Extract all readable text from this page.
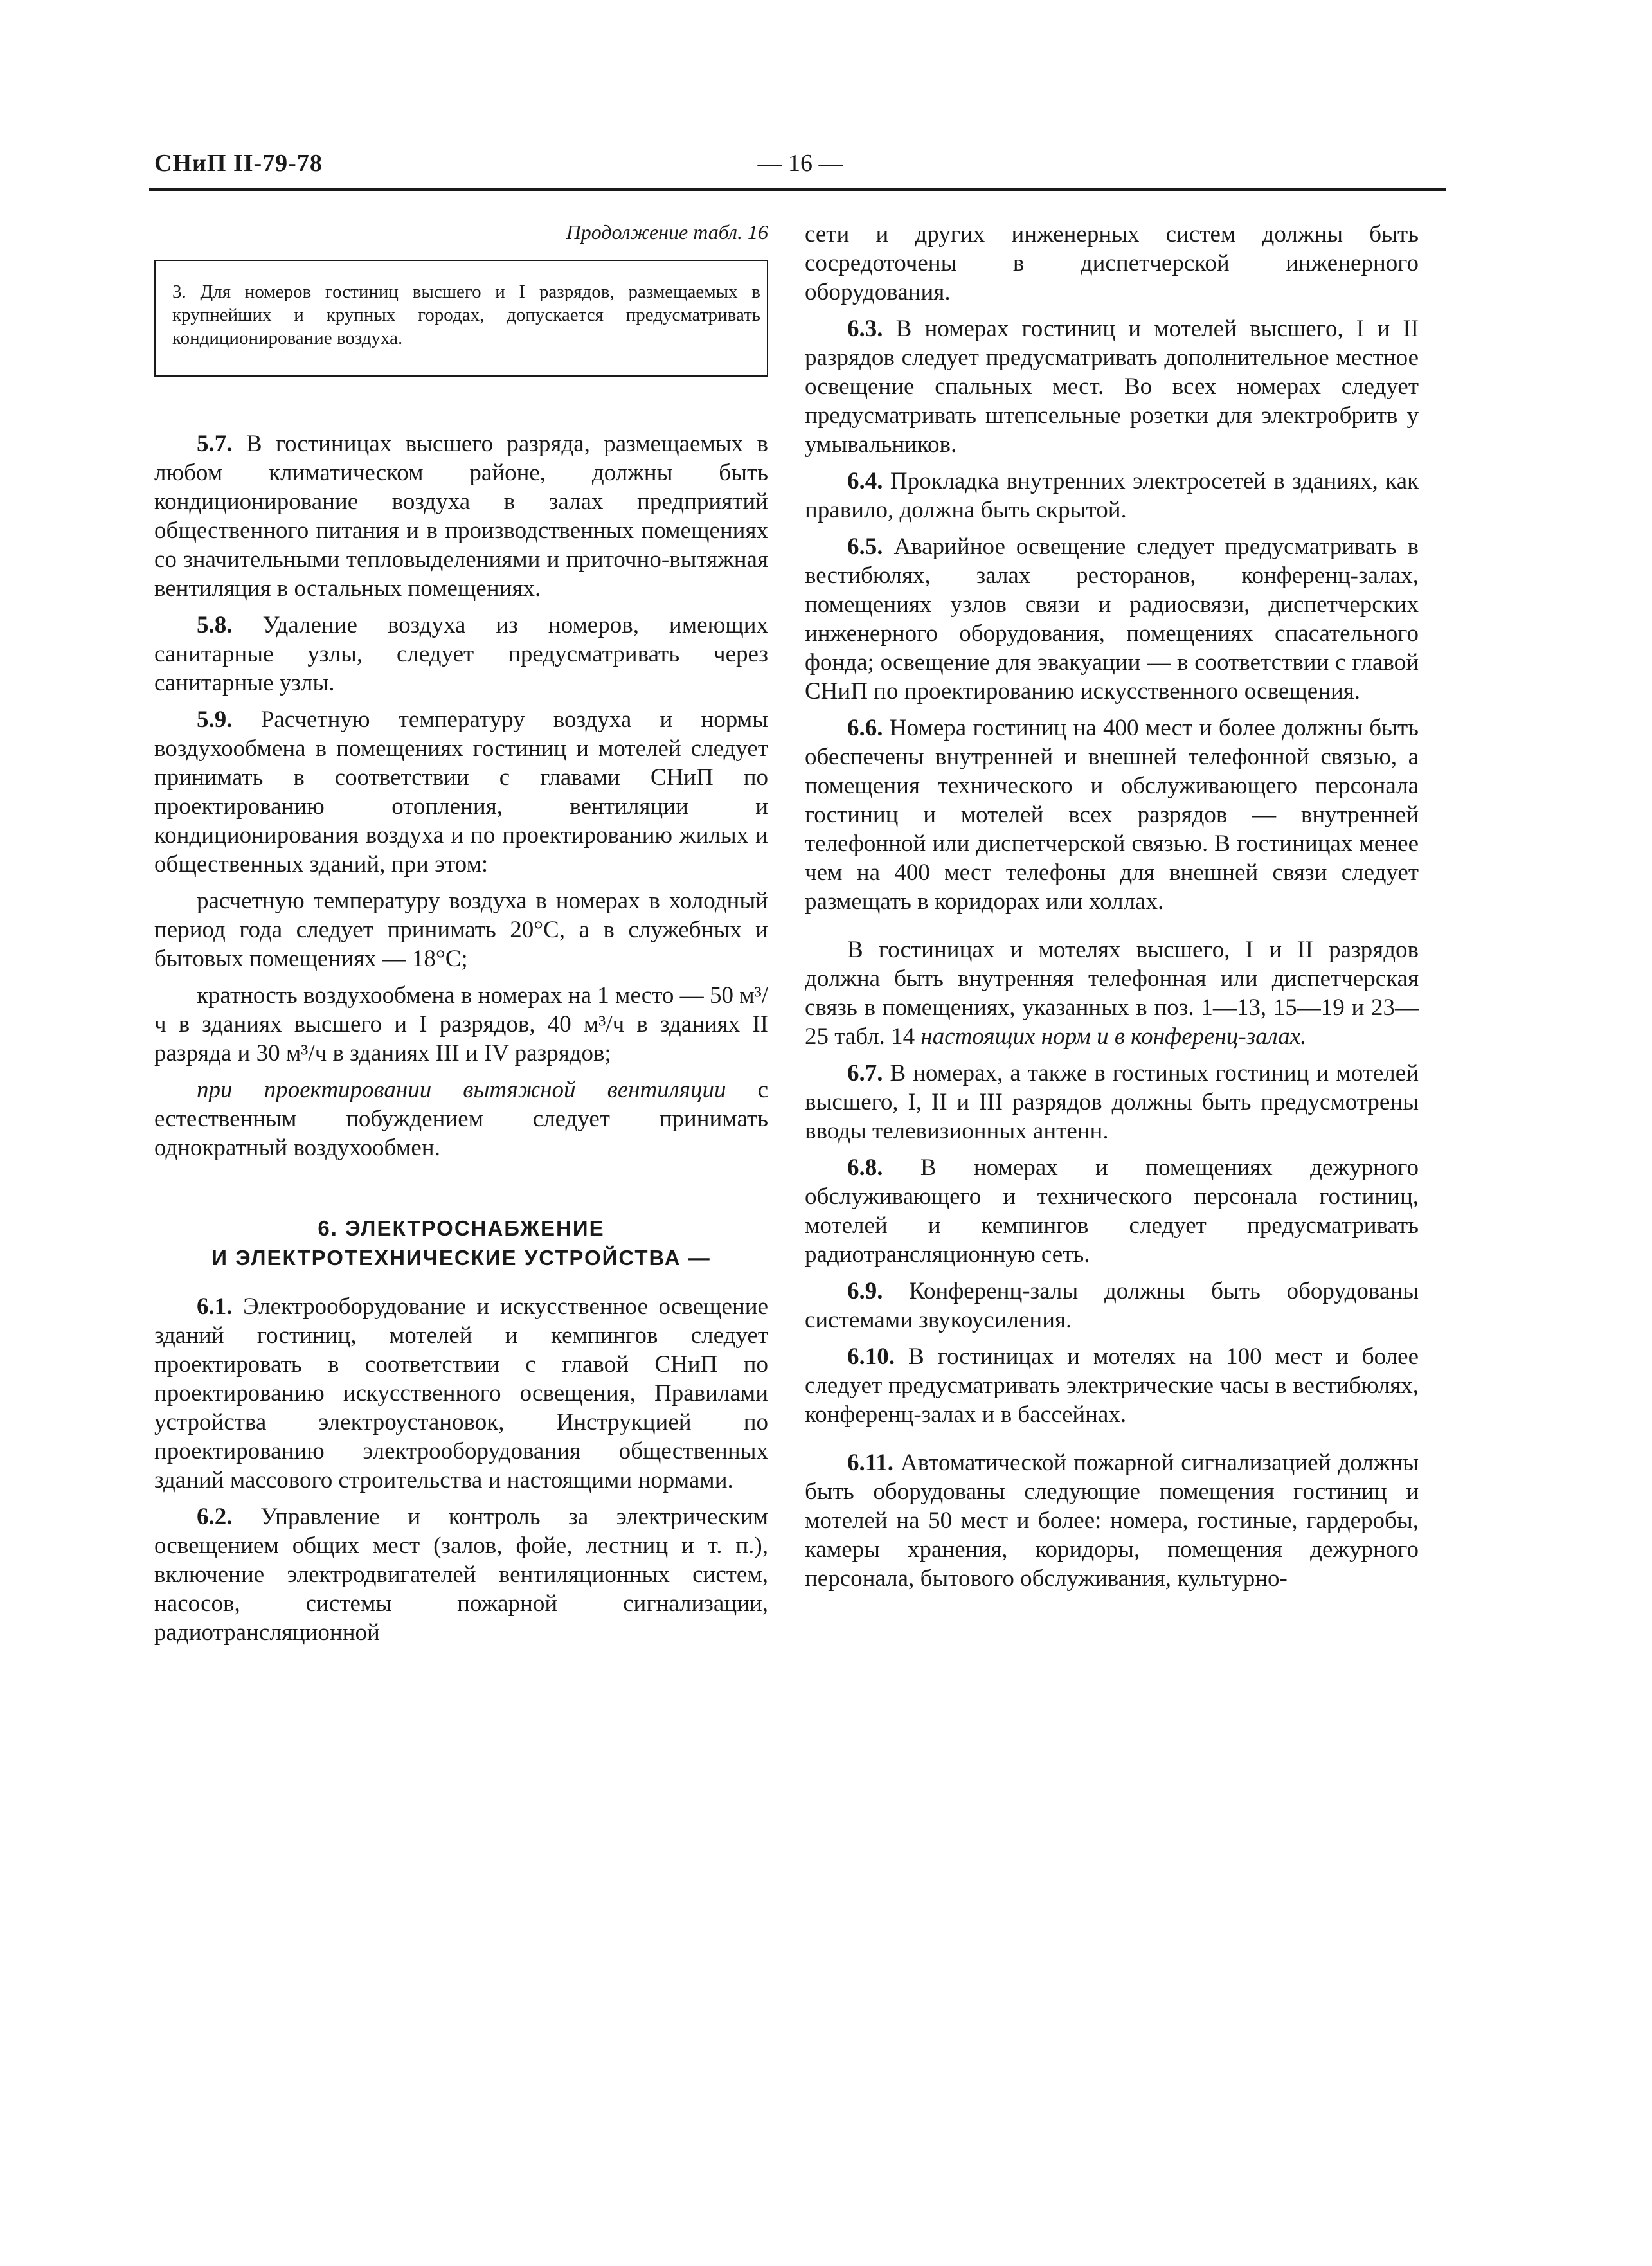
СНиП II-79-78	— 16 —
Продолжение табл. 16
3. Для номеров гостиниц высшего и I разрядов, размещаемых в крупнейших и крупных городах, допускается предусматривать кондиционирование воздуха.

5.7. В гостиницах высшего разряда, размещаемых в любом климатическом районе, должны быть кондиционирование воздуха в залах предприятий общественного питания и в производственных помещениях со значительными тепловыделениями и приточно-вытяжная вентиляция в остальных помещениях.

5.8. Удаление воздуха из номеров, имеющих санитарные узлы, следует предусматривать через санитарные узлы.

5.9. Расчетную температуру воздуха и нормы воздухообмена в помещениях гостиниц и мотелей следует принимать в соответствии с главами СНиП по проектированию отопления, вентиляции и кондиционирования воздуха и по проектированию жилых и общественных зданий, при этом:

расчетную температуру воздуха в номерах в холодный период года следует принимать 20°С, а в служебных и бытовых помещениях — 18°С;

кратность воздухообмена в номерах на 1 место — 50 м³/ч в зданиях высшего и I разрядов, 40 м³/ч в зданиях II разряда и 30 м³/ч в зданиях III и IV разрядов;

при проектировании вытяжной вентиляции с естественным побуждением следует принимать однократный воздухообмен.

6. ЭЛЕКТРОСНАБЖЕНИЕ
И ЭЛЕКТРОТЕХНИЧЕСКИЕ УСТРОЙСТВА —

6.1. Электрооборудование и искусственное освещение зданий гостиниц, мотелей и кемпингов следует проектировать в соответствии с главой СНиП по проектированию искусственного освещения, Правилами устройства электроустановок, Инструкцией по проектированию электрооборудования общественных зданий массового строительства и настоящими нормами.

6.2. Управление и контроль за электрическим освещением общих мест (залов, фойе, лестниц и т. п.), включение электродвигателей вентиляционных систем, насосов, системы пожарной сигнализации, радиотрансляционной

сети и других инженерных систем должны быть сосредоточены в диспетчерской инженерного оборудования.

6.3. В номерах гостиниц и мотелей высшего, I и II разрядов следует предусматривать дополнительное местное освещение спальных мест. Во всех номерах следует предусматривать штепсельные розетки для электробритв у умывальников.

6.4. Прокладка внутренних электросетей в зданиях, как правило, должна быть скрытой.

6.5. Аварийное освещение следует предусматривать в вестибюлях, залах ресторанов, конференц-залах, помещениях узлов связи и радиосвязи, диспетчерских инженерного оборудования, помещениях спасательного фонда; освещение для эвакуации — в соответствии с главой СНиП по проектированию искусственного освещения.

6.6. Номера гостиниц на 400 мест и более должны быть обеспечены внутренней и внешней телефонной связью, а помещения технического и обслуживающего персонала гостиниц и мотелей всех разрядов — внутренней телефонной или диспетчерской связью. В гостиницах менее чем на 400 мест телефоны для внешней связи следует размещать в коридорах или холлах.

В гостиницах и мотелях высшего, I и II разрядов должна быть внутренняя телефонная или диспетчерская связь в помещениях, указанных в поз. 1—13, 15—19 и 23—25 табл. 14 настоящих норм и в конференц-залах.

6.7. В номерах, а также в гостиных гостиниц и мотелей высшего, I, II и III разрядов должны быть предусмотрены вводы телевизионных антенн.

6.8. В номерах и помещениях дежурного обслуживающего и технического персонала гостиниц, мотелей и кемпингов следует предусматривать радиотрансляционную сеть.

6.9. Конференц-залы должны быть оборудованы системами звукоусиления.

6.10. В гостиницах и мотелях на 100 мест и более следует предусматривать электрические часы в вестибюлях, конференц-залах и в бассейнах.

6.11. Автоматической пожарной сигнализацией должны быть оборудованы следующие помещения гостиниц и мотелей на 50 мест и более: номера, гостиные, гардеробы, камеры хранения, коридоры, помещения дежурного персонала, бытового обслуживания, культурно-
